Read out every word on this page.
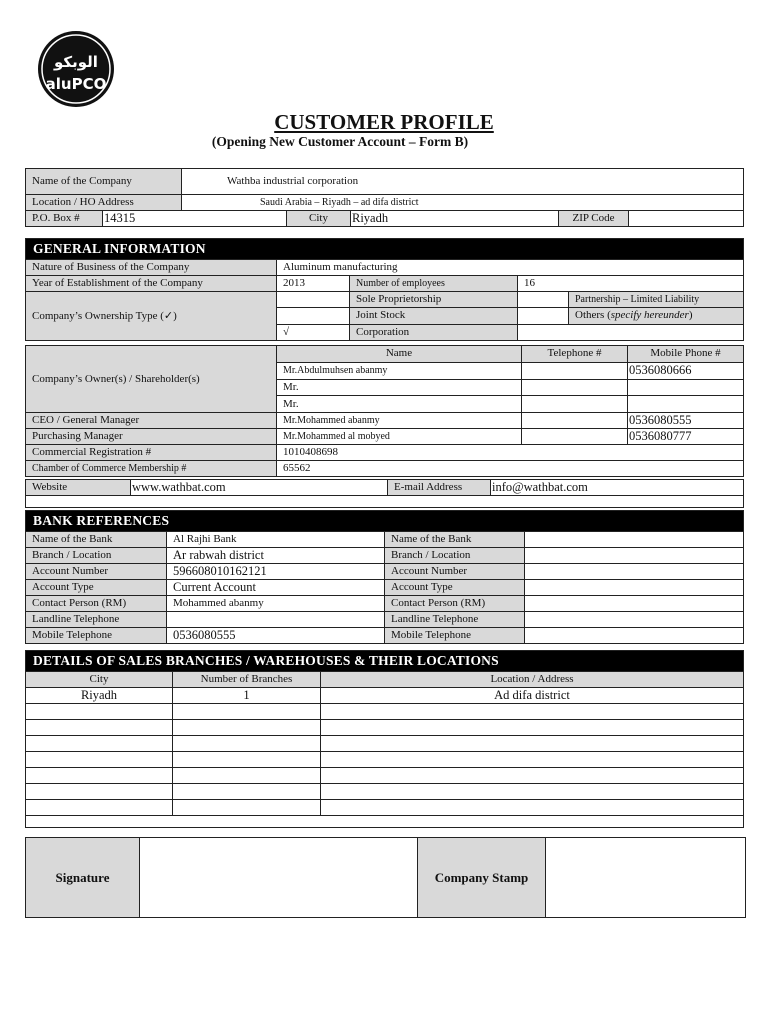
الوبكو
aluPCO
CUSTOMER PROFILE
(Opening New Customer Account – Form B)
Name of the Company		Wathba industrial corporation				
Location / HO Address		Saudi Arabia – Riyadh – ad difa district				
P.O. Box #	14315		City	Riyadh	ZIP Code	
GENERAL INFORMATION				
Nature of Business of the Company	Aluminum manufacturing			
Year of Establishment of the Company	2013	Number of employees	16	
Company’s Ownership Type (✓)		Sole Proprietorship		Partnership – Limited Liability
		Joint Stock		Others (specify hereunder)
	√	Corporation		
Company’s Owner(s) / Shareholder(s)	Name	Telephone #	Mobile Phone #
	Mr.Abdulmuhsen abanmy		0536080666
	Mr.		
	Mr.		
CEO / General Manager	Mr.Mohammed abanmy		0536080555
Purchasing Manager	Mr.Mohammed al mobyed		0536080777
Commercial Registration #	1010408698		
Chamber of Commerce Membership #	65562		
Website	www.wathbat.com	E-mail Address	info@wathbat.com

BANK REFERENCES			
Name of the Bank	Al Rajhi Bank	Name of the Bank	
Branch / Location	Ar rabwah district	Branch / Location	
Account Number	596608010162121	Account Number	
Account Type	Current Account	Account Type	
Contact Person (RM)	Mohammed abanmy	Contact Person (RM)	
Landline Telephone		Landline Telephone	
Mobile Telephone	0536080555	Mobile Telephone	
DETAILS OF SALES BRANCHES / WAREHOUSES & THEIR LOCATIONS		
City	Number of Branches	Location / Address
Riyadh	1	Ad difa district

Signature		Company Stamp	
